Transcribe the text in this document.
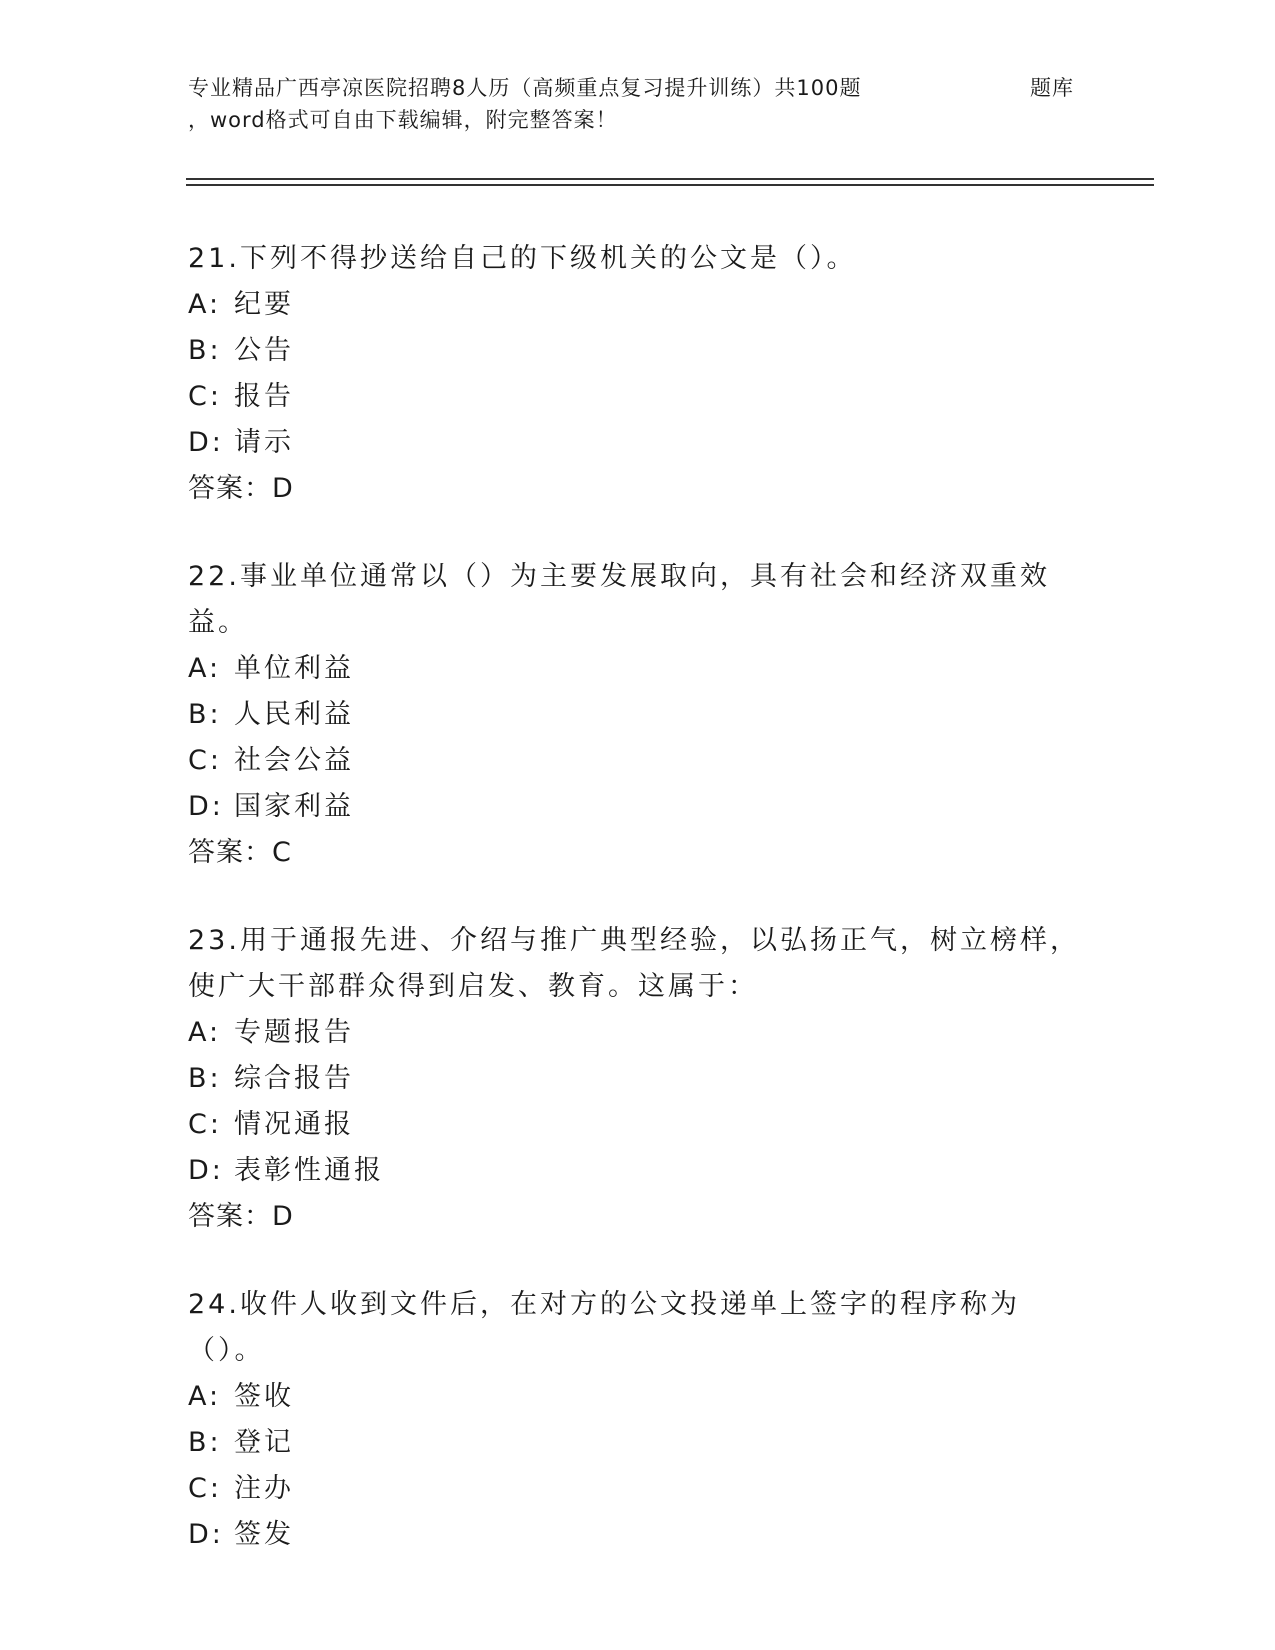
专业精品广西亭凉医院招聘8人历（高频重点复习提升训练）共100题	题库
，word格式可自由下载编辑，附完整答案！
21.下列不得抄送给自己的下级机关的公文是（）。
A: 纪要
B: 公告
C: 报告
D: 请示
答案：D
22.事业单位通常以（）为主要发展取向，具有社会和经济双重效益。
A: 单位利益
B: 人民利益
C: 社会公益
D: 国家利益
答案：C
23.用于通报先进、介绍与推广典型经验，以弘扬正气，树立榜样，使广大干部群众得到启发、教育。这属于：
A: 专题报告
B: 综合报告
C: 情况通报
D: 表彰性通报
答案：D
24.收件人收到文件后，在对方的公文投递单上签字的程序称为（）。
A: 签收
B: 登记
C: 注办
D: 签发
